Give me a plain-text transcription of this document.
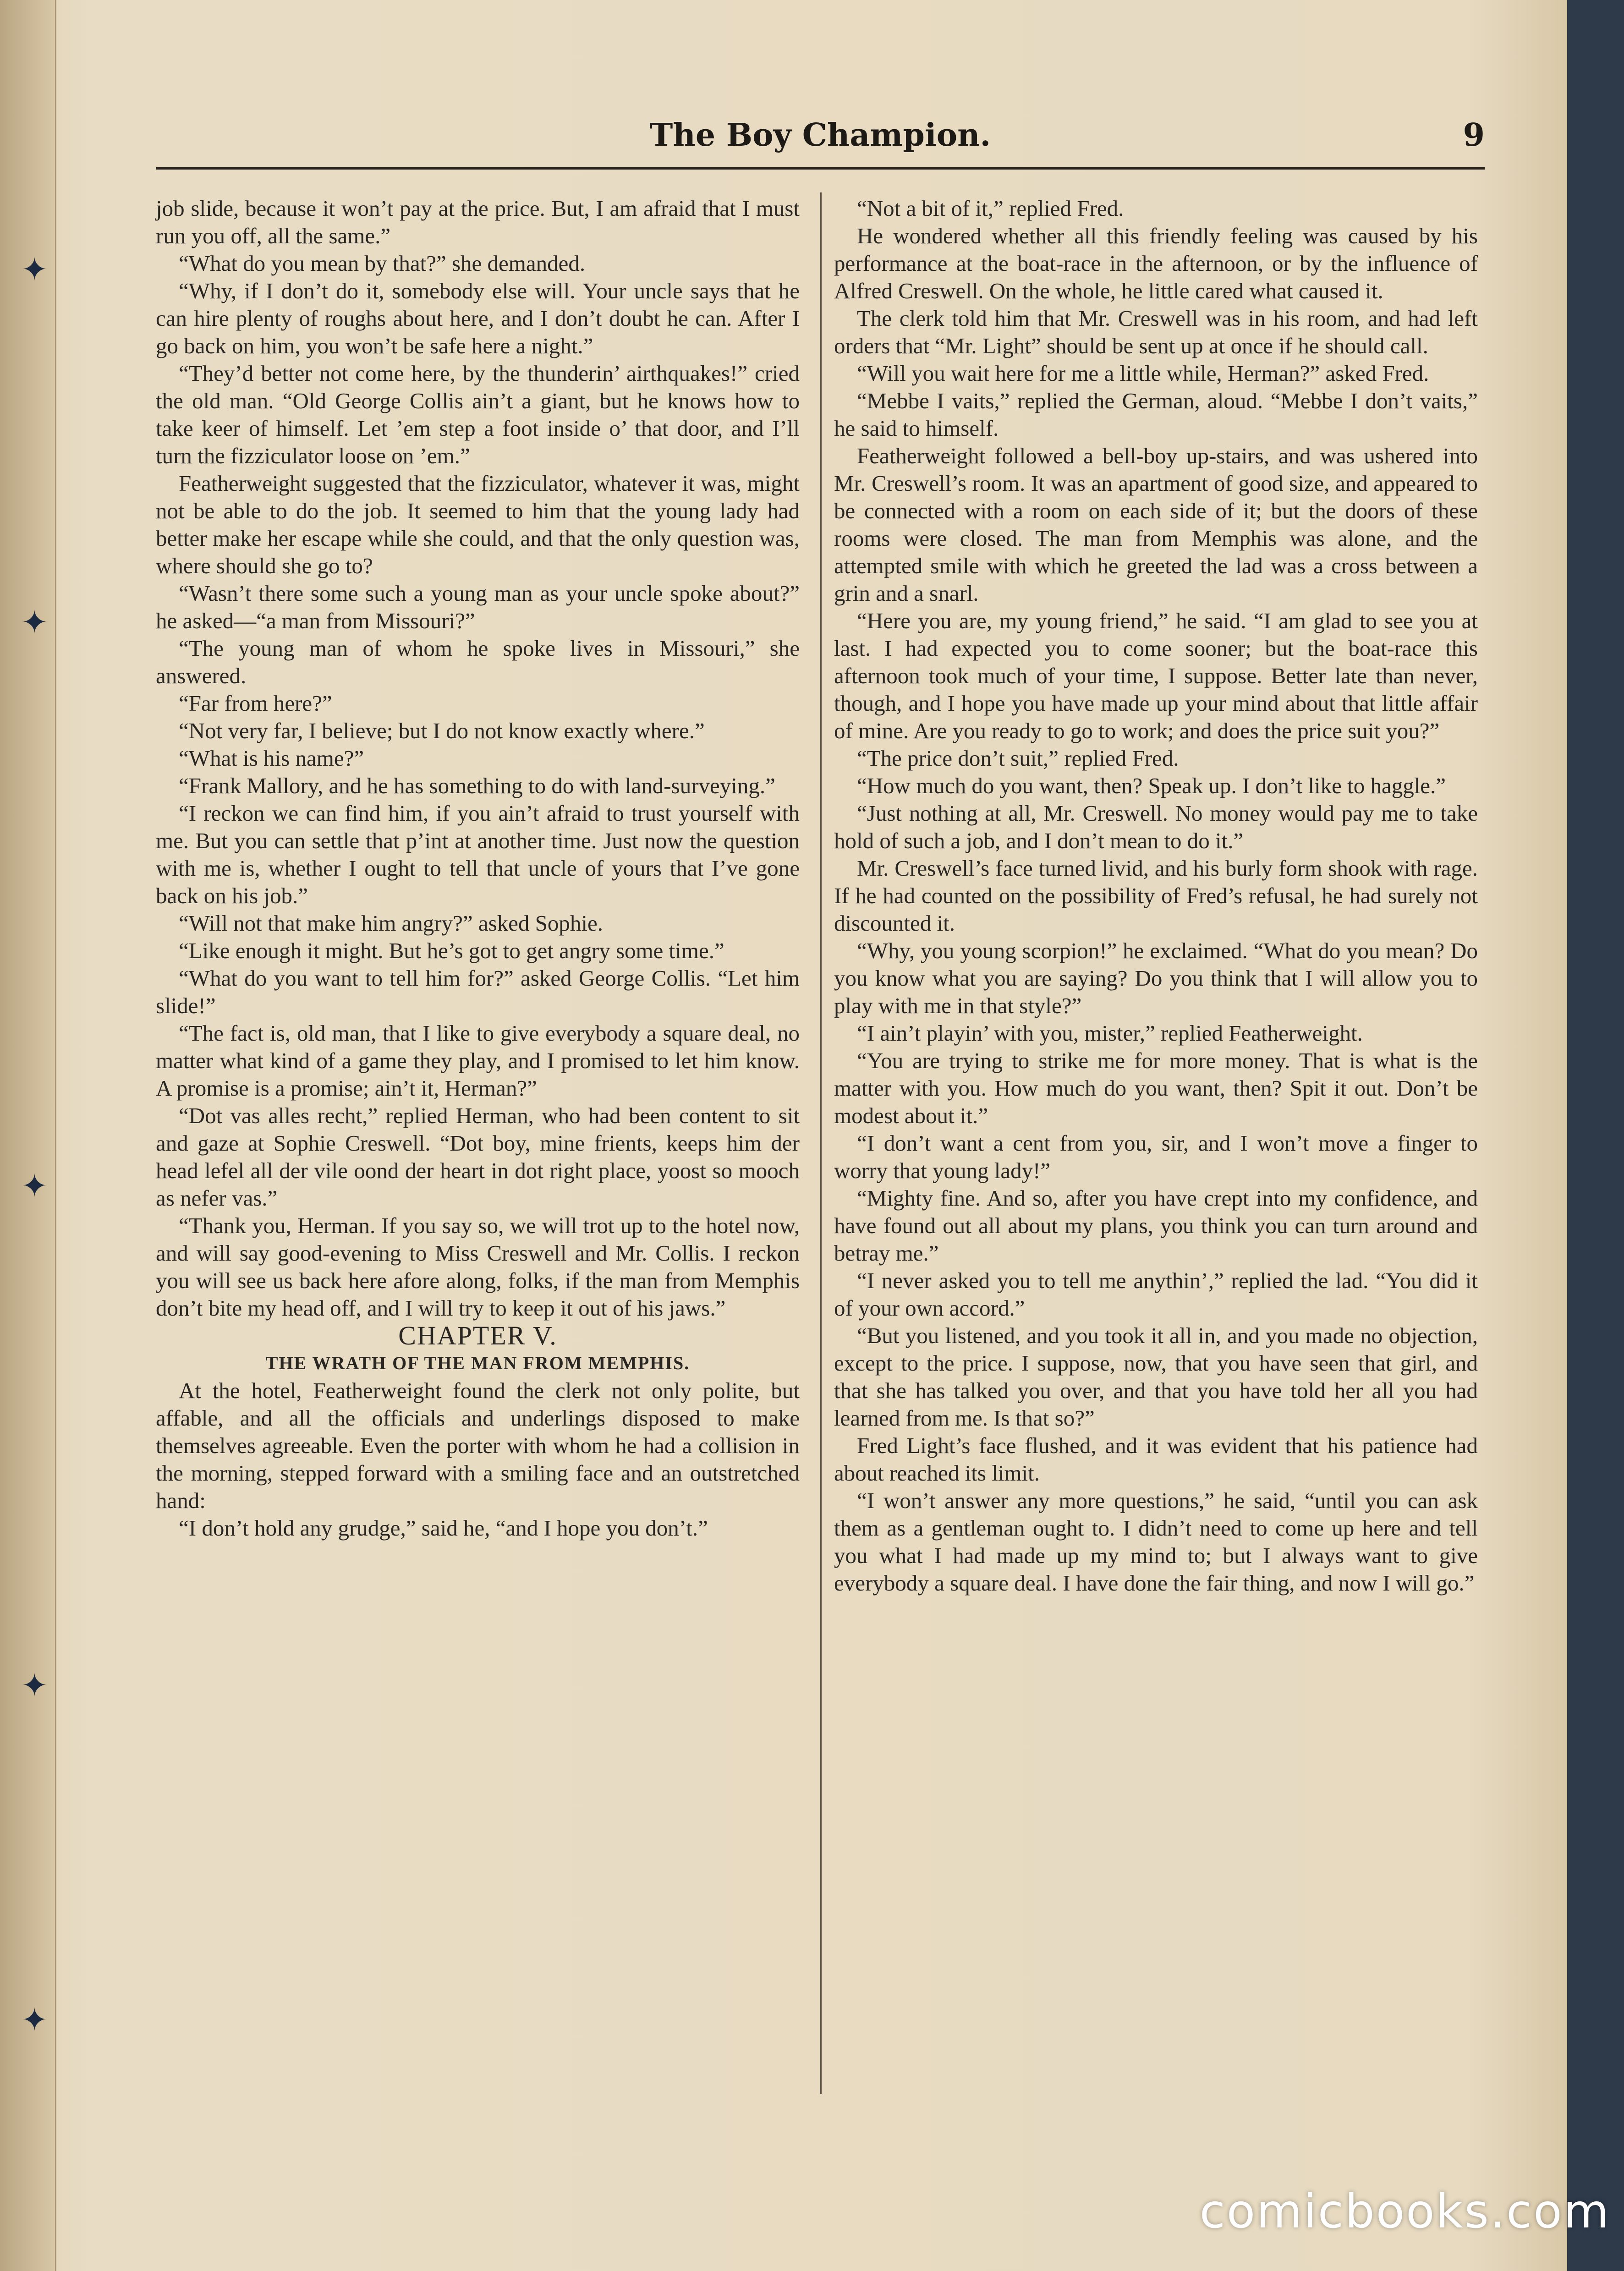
✦
✦
✦
✦
✦
The Boy Champion.	9

job slide, because it won’t pay at the price. But, I am afraid that I must run you off, all the same.”

“What do you mean by that?” she demanded.

“Why, if I don’t do it, somebody else will. Your uncle says that he can hire plenty of roughs about here, and I don’t doubt he can. After I go back on him, you won’t be safe here a night.”

“They’d better not come here, by the thunderin’ airthquakes!” cried the old man. “Old George Collis ain’t a giant, but he knows how to take keer of himself. Let ’em step a foot inside o’ that door, and I’ll turn the fizziculator loose on ’em.”

Featherweight suggested that the fizziculator, whatever it was, might not be able to do the job. It seemed to him that the young lady had better make her escape while she could, and that the only question was, where should she go to?

“Wasn’t there some such a young man as your uncle spoke about?” he asked—“a man from Missouri?”

“The young man of whom he spoke lives in Missouri,” she answered.

“Far from here?”

“Not very far, I believe; but I do not know exactly where.”

“What is his name?”

“Frank Mallory, and he has something to do with land-surveying.”

“I reckon we can find him, if you ain’t afraid to trust yourself with me. But you can settle that p’int at another time. Just now the question with me is, whether I ought to tell that uncle of yours that I’ve gone back on his job.”

“Will not that make him angry?” asked Sophie.

“Like enough it might. But he’s got to get angry some time.”

“What do you want to tell him for?” asked George Collis. “Let him slide!”

“The fact is, old man, that I like to give everybody a square deal, no matter what kind of a game they play, and I promised to let him know. A promise is a promise; ain’t it, Herman?”

“Dot vas alles recht,” replied Herman, who had been content to sit and gaze at Sophie Creswell. “Dot boy, mine frients, keeps him der head lefel all der vile oond der heart in dot right place, yoost so mooch as nefer vas.”

“Thank you, Herman. If you say so, we will trot up to the hotel now, and will say good-evening to Miss Creswell and Mr. Collis. I reckon you will see us back here afore along, folks, if the man from Memphis don’t bite my head off, and I will try to keep it out of his jaws.”

CHAPTER V.

THE WRATH OF THE MAN FROM MEMPHIS.

At the hotel, Featherweight found the clerk not only polite, but affable, and all the officials and underlings disposed to make themselves agreeable. Even the porter with whom he had a collision in the morning, stepped forward with a smiling face and an outstretched hand:

“I don’t hold any grudge,” said he, “and I hope you don’t.”

“Not a bit of it,” replied Fred.

He wondered whether all this friendly feeling was caused by his performance at the boat-race in the afternoon, or by the influence of Alfred Creswell. On the whole, he little cared what caused it.

The clerk told him that Mr. Creswell was in his room, and had left orders that “Mr. Light” should be sent up at once if he should call.

“Will you wait here for me a little while, Herman?” asked Fred.

“Mebbe I vaits,” replied the German, aloud. “Mebbe I don’t vaits,” he said to himself.

Featherweight followed a bell-boy up-stairs, and was ushered into Mr. Creswell’s room. It was an apartment of good size, and appeared to be connected with a room on each side of it; but the doors of these rooms were closed. The man from Memphis was alone, and the attempted smile with which he greeted the lad was a cross between a grin and a snarl.

“Here you are, my young friend,” he said. “I am glad to see you at last. I had expected you to come sooner; but the boat-race this afternoon took much of your time, I suppose. Better late than never, though, and I hope you have made up your mind about that little affair of mine. Are you ready to go to work; and does the price suit you?”

“The price don’t suit,” replied Fred.

“How much do you want, then? Speak up. I don’t like to haggle.”

“Just nothing at all, Mr. Creswell. No money would pay me to take hold of such a job, and I don’t mean to do it.”

Mr. Creswell’s face turned livid, and his burly form shook with rage. If he had counted on the possibility of Fred’s refusal, he had surely not discounted it.

“Why, you young scorpion!” he exclaimed. “What do you mean? Do you know what you are saying? Do you think that I will allow you to play with me in that style?”

“I ain’t playin’ with you, mister,” replied Featherweight.

“You are trying to strike me for more money. That is what is the matter with you. How much do you want, then? Spit it out. Don’t be modest about it.”

“I don’t want a cent from you, sir, and I won’t move a finger to worry that young lady!”

“Mighty fine. And so, after you have crept into my confidence, and have found out all about my plans, you think you can turn around and betray me.”

“I never asked you to tell me anythin’,” replied the lad. “You did it of your own accord.”

“But you listened, and you took it all in, and you made no objection, except to the price. I suppose, now, that you have seen that girl, and that she has talked you over, and that you have told her all you had learned from me. Is that so?”

Fred Light’s face flushed, and it was evident that his patience had about reached its limit.

“I won’t answer any more questions,” he said, “until you can ask them as a gentleman ought to. I didn’t need to come up here and tell you what I had made up my mind to; but I always want to give everybody a square deal. I have done the fair thing, and now I will go.”

comicbooks.com
